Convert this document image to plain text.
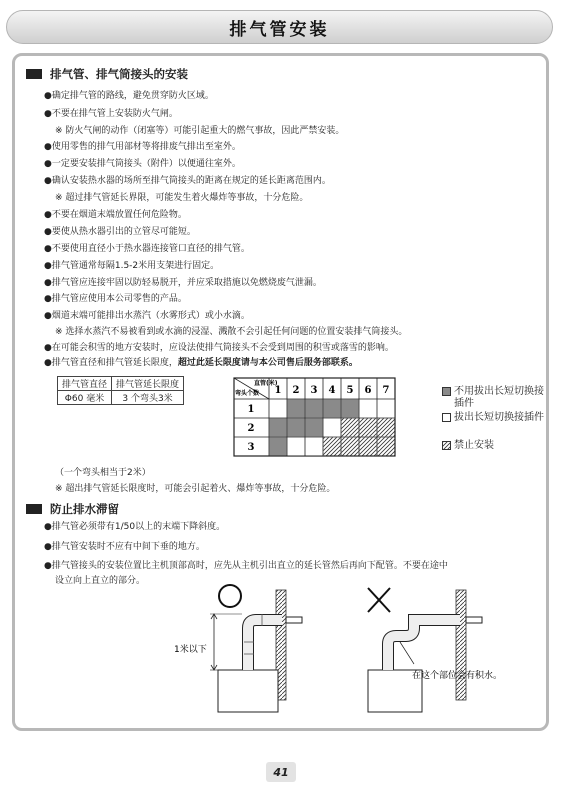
排气管安装
排气管、排气筒接头的安装
●确定排气管的路线，避免贯穿防火区域。
●不要在排气管上安装防火气闸。
※ 防火气闸的动作（闭塞等）可能引起重大的燃气事故，因此严禁安装。
●使用零售的排气用部材等将排废气排出至室外。
●一定要安装排气筒接头（附件）以便通往室外。
●确认安装热水器的场所至排气筒接头的距离在规定的延长距离范围内。
※ 超过排气管延长界限，可能发生着火爆炸等事故，十分危险。
●不要在烟道末端放置任何危险物。
●要使从热水器引出的立管尽可能短。
●不要使用直径小于热水器连接管口直径的排气管。
●排气管通常每隔1.5-2米用支架进行固定。
●排气管应连接牢固以防轻易脱开，并应采取措施以免燃烧废气泄漏。
●排气管应使用本公司零售的产品。
●烟道末端可能排出水蒸汽（水雾形式）或小水滴。
※ 选择水蒸汽不易被看到或水滴的浸湿、溅散不会引起任何问题的位置安装排气筒接头。
●在可能会积雪的地方安装时，应设法使排气筒接头不会受到周围的积雪或落雪的影响。
●排气管直径和排气管延长限度，超过此延长限度请与本公司售后服务部联系。
排气管直径	排气管延长限度
Φ60 毫米	3 个弯头3米
直管(米)
弯头个数 1 2 3 4 5 6 7
1
2
3
不用拔出长短切换接插件
拔出长短切换接插件
禁止安装
（一个弯头相当于2米）
※ 超出排气管延长限度时，可能会引起着火、爆炸等事故，十分危险。
防止排水滞留
●排气管必须带有1/50以上的末端下降斜度。
●排气管安装时不应有中间下垂的地方。
●排气管接头的安装位置比主机顶部高时，应先从主机引出直立的延长管然后再向下配管。不要在途中
设立向上直立的部分。
1米以下
在这个部位会有积水。
41
